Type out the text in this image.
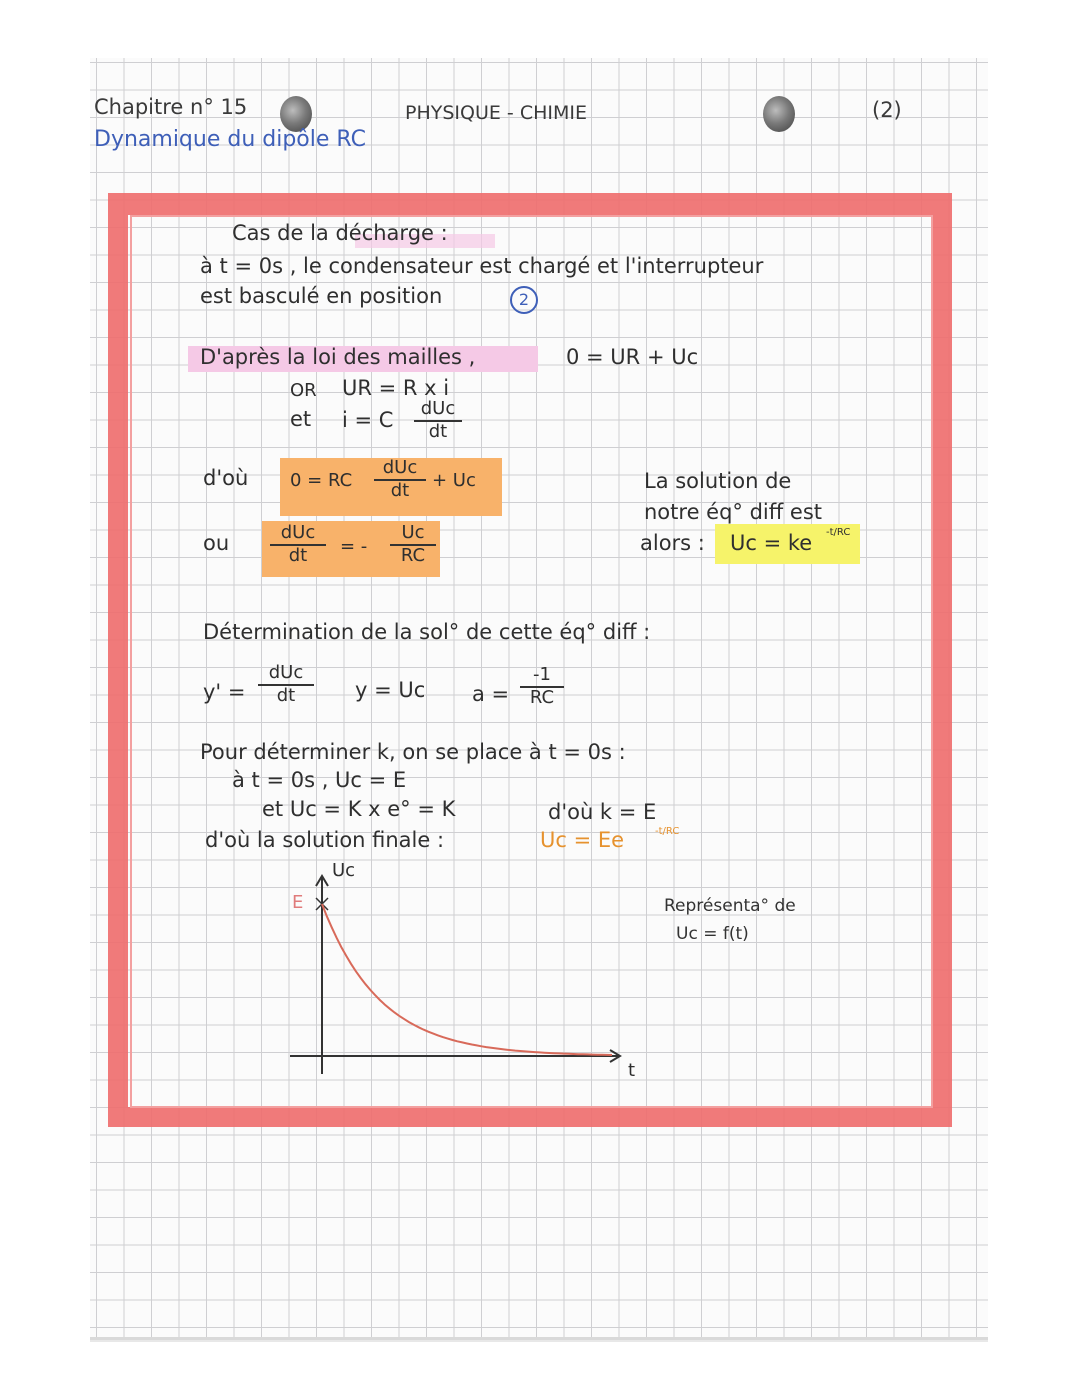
Chapitre n° 15	PHYSIQUE - CHIMIE	(2)
Dynamique du dipôle RC
Cas de la décharge :
à t = 0s , le condensateur est chargé et l'interrupteur
est basculé en position	2
D'après la loi des mailles ,	0 = UR + Uc
OR UR = R x i
et i = C	dUc
dt
d'où 0 = RC
dUc
dt	+ Uc
ou	dUc
dt	= -
Uc
RC
La solution de
notre éq° diff est
alors : Uc = ke -t/RC
Détermination de la sol° de cette éq° diff :
y' =
dUc
dt	y = Uc a =
-1
RC
Pour déterminer k, on se place à t = 0s :
à t = 0s , Uc = E
et Uc = K x e° = K	d'où k = E
d'où la solution finale :	Uc = Ee	-t/RC
Uc
E
t
Représenta° de
Uc = f(t)
